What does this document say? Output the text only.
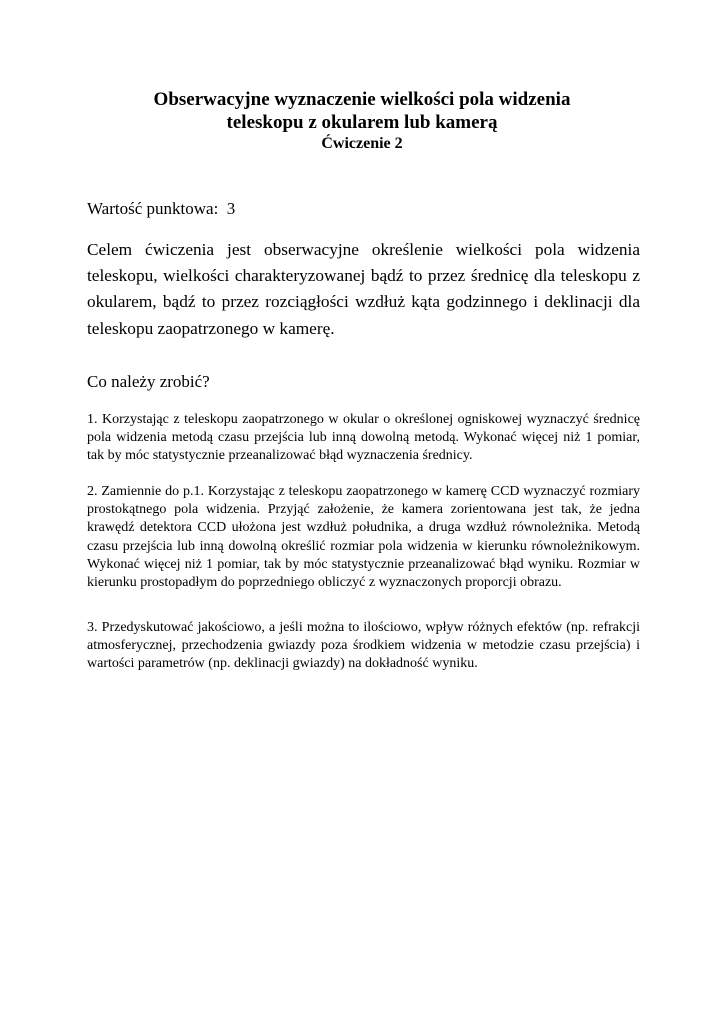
Obserwacyjne wyznaczenie wielkości pola widzenia
teleskopu z okularem lub kamerą
Ćwiczenie 2

Wartość punktowa:  3

Celem ćwiczenia jest obserwacyjne określenie wielkości pola widzenia teleskopu, wielkości charakteryzowanej bądź to przez średnicę dla teleskopu z okularem, bądź to przez rozciągłości wzdłuż kąta godzinnego i deklinacji dla teleskopu zaopatrzonego w kamerę.

Co należy zrobić?

1. Korzystając z teleskopu zaopatrzonego w okular o określonej ogniskowej wyznaczyć średnicę pola widzenia metodą czasu przejścia lub inną dowolną metodą. Wykonać więcej niż 1 pomiar, tak by móc statystycznie przeanalizować błąd wyznaczenia średnicy.

2. Zamiennie do p.1. Korzystając z teleskopu zaopatrzonego w kamerę CCD wyznaczyć rozmiary prostokątnego pola widzenia. Przyjąć założenie, że kamera zorientowana jest tak, że jedna krawędź detektora CCD ułożona jest wzdłuż południka, a druga wzdłuż równoleżnika. Metodą czasu przejścia lub inną dowolną określić rozmiar pola widzenia w kierunku równoleżnikowym. Wykonać więcej niż 1 pomiar, tak by móc statystycznie przeanalizować błąd wyniku. Rozmiar w kierunku prostopadłym do poprzedniego obliczyć z wyznaczonych proporcji obrazu.

3. Przedyskutować jakościowo, a jeśli można to ilościowo, wpływ różnych efektów (np. refrakcji atmosferycznej, przechodzenia gwiazdy poza środkiem widzenia w metodzie czasu przejścia) i wartości parametrów (np. deklinacji gwiazdy) na dokładność wyniku.
